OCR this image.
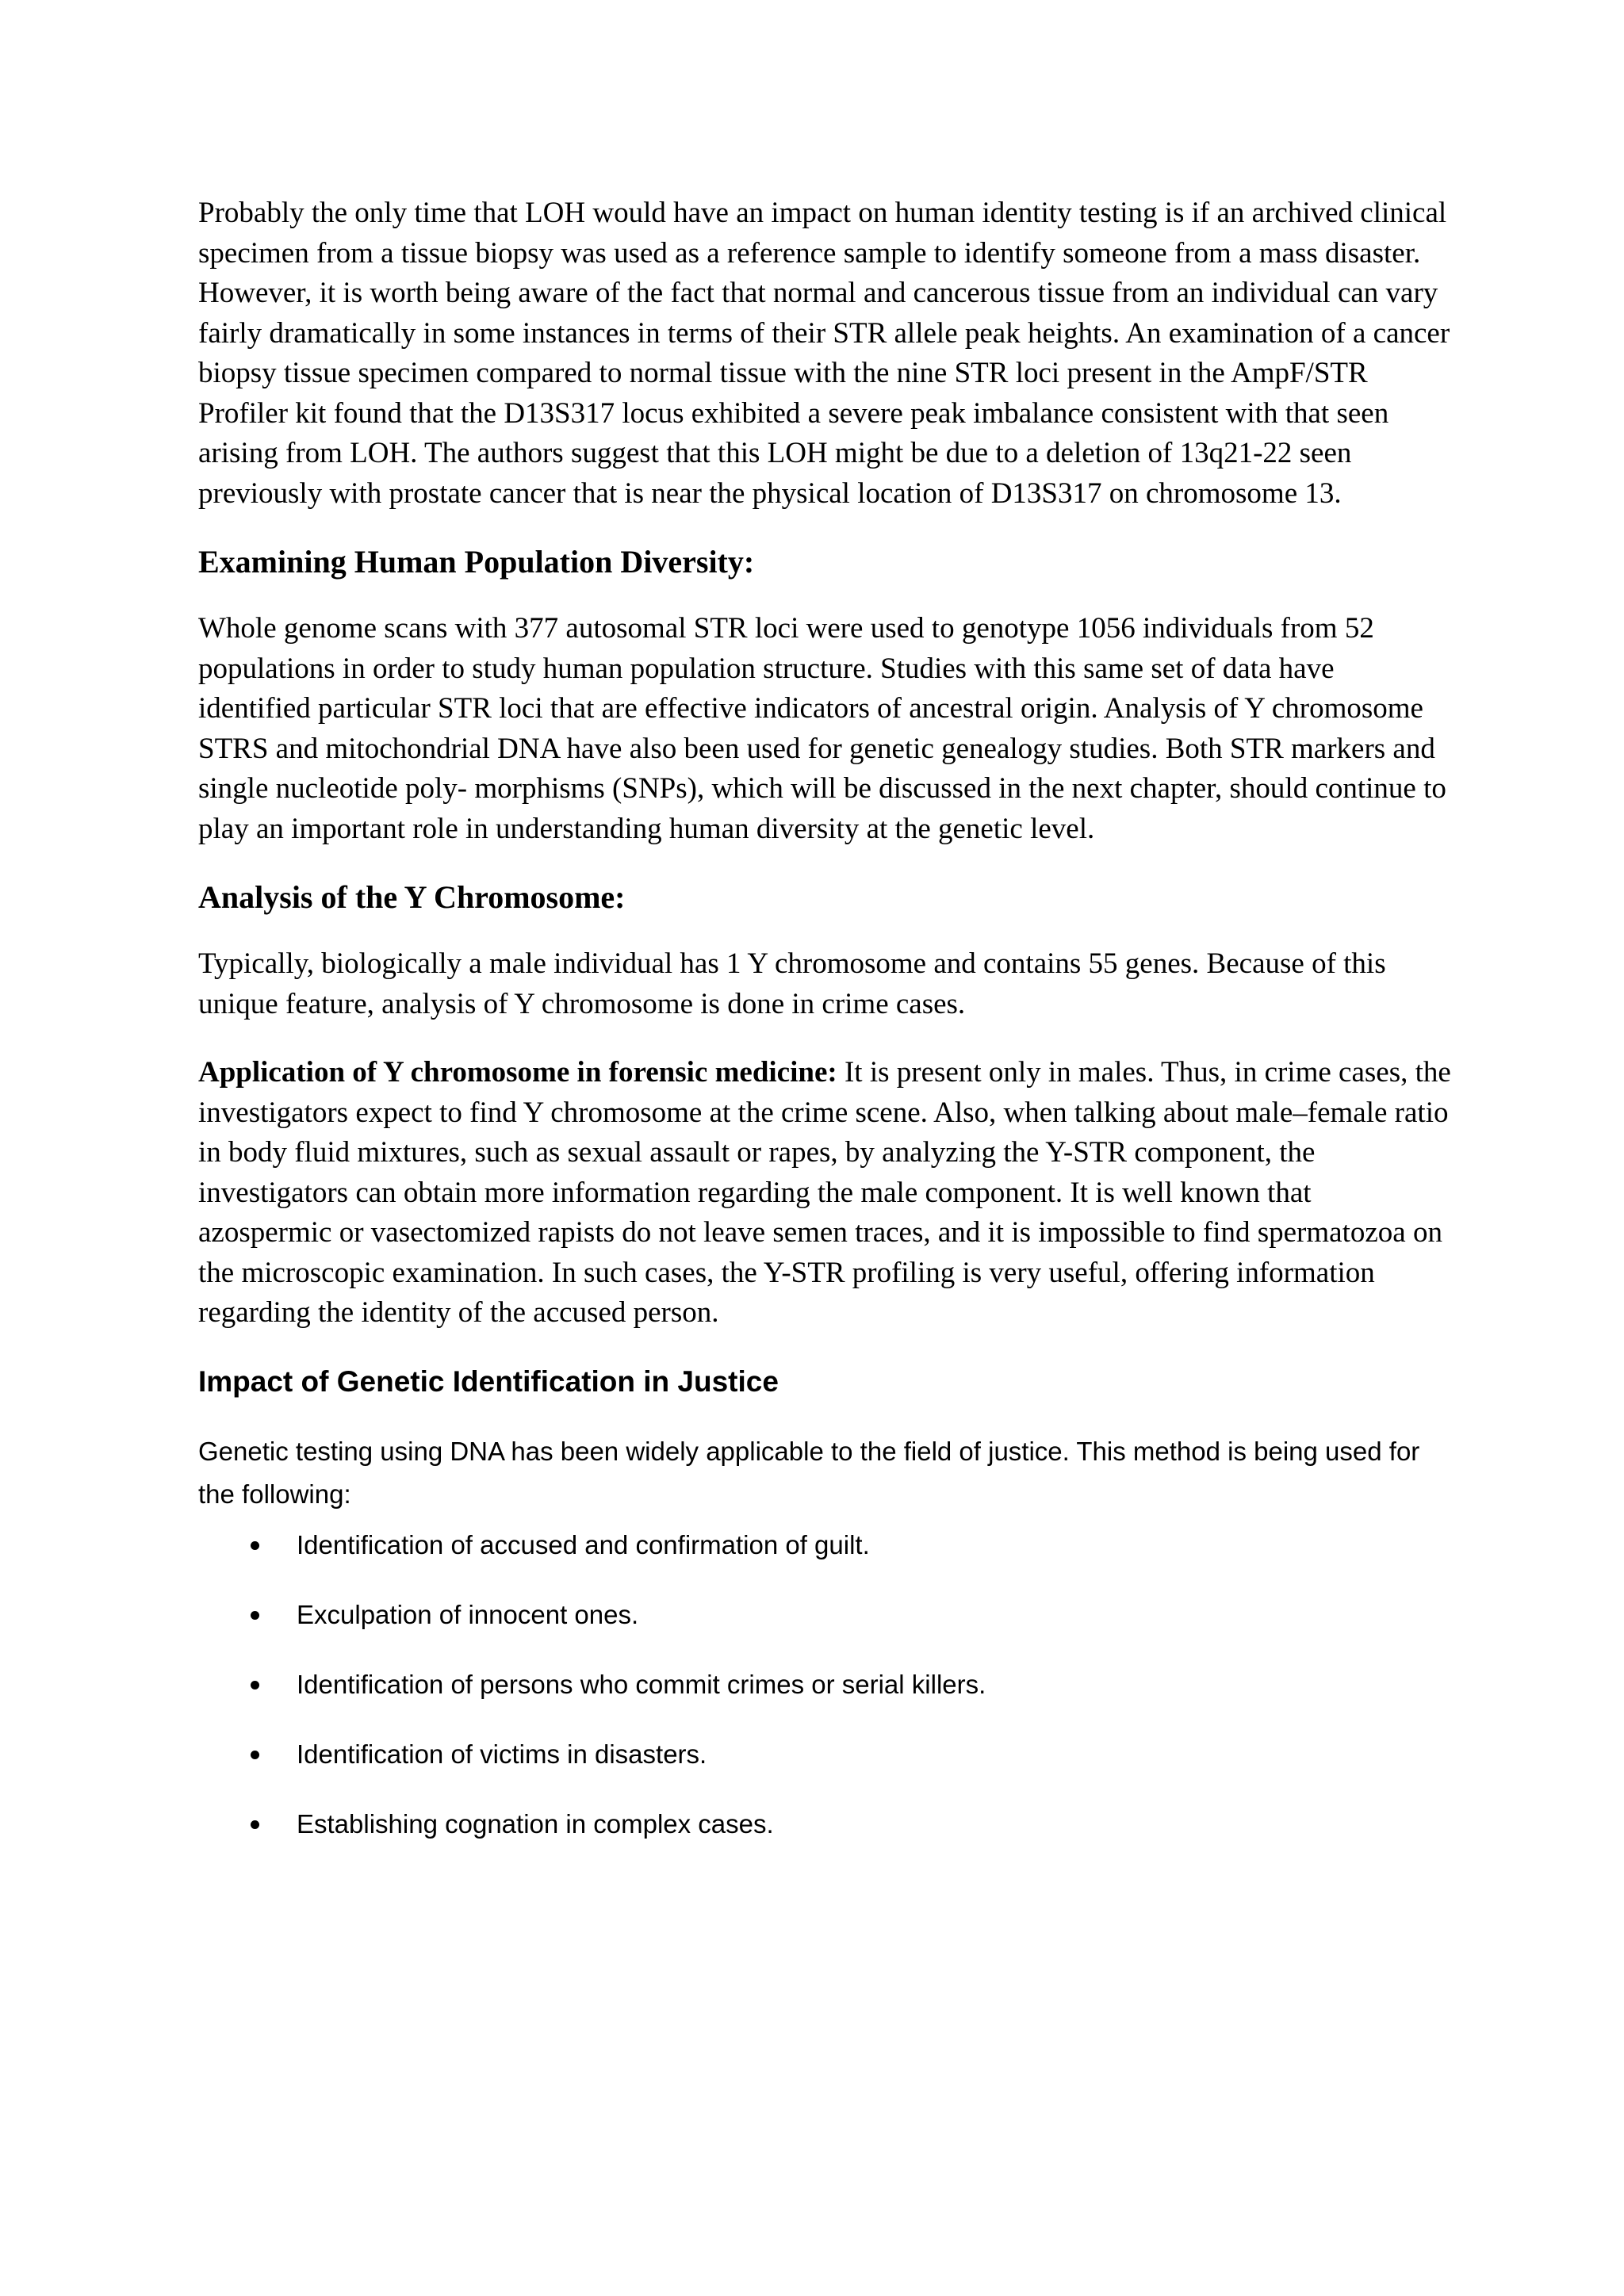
Probably the only time that LOH would have an impact on human identity testing is if an archived clinical specimen from a tissue biopsy was used as a reference sample to identify someone from a mass disaster. However, it is worth being aware of the fact that normal and cancerous tissue from an individual can vary fairly dramatically in some instances in terms of their STR allele peak heights. An examination of a cancer biopsy tissue specimen compared to normal tissue with the nine STR loci present in the AmpF/STR Profiler kit found that the D13S317 locus exhibited a severe peak imbalance consistent with that seen arising from LOH. The authors suggest that this LOH might be due to a deletion of 13q21-22 seen previously with prostate cancer that is near the physical location of D13S317 on chromosome 13.

Examining Human Population Diversity:

Whole genome scans with 377 autosomal STR loci were used to genotype 1056 individuals from 52 populations in order to study human population structure. Studies with this same set of data have identified particular STR loci that are effective indicators of ancestral origin. Analysis of Y chromosome STRS and mitochondrial DNA have also been used for genetic genealogy studies. Both STR markers and single nucleotide poly- morphisms (SNPs), which will be discussed in the next chapter, should continue to play an important role in understanding human diversity at the genetic level.

Analysis of the Y Chromosome:

Typically, biologically a male individual has 1 Y chromosome and contains 55 genes. Because of this unique feature, analysis of Y chromosome is done in crime cases.

Application of Y chromosome in forensic medicine: It is present only in males. Thus, in crime cases, the investigators expect to find Y chromosome at the crime scene. Also, when talking about male–female ratio in body fluid mixtures, such as sexual assault or rapes, by analyzing the Y-STR component, the investigators can obtain more information regarding the male component. It is well known that azospermic or vasectomized rapists do not leave semen traces, and it is impossible to find spermatozoa on the microscopic examination. In such cases, the Y-STR profiling is very useful, offering information regarding the identity of the accused person.

Impact of Genetic Identification in Justice

Genetic testing using DNA has been widely applicable to the field of justice. This method is being used for the following:

Identification of accused and confirmation of guilt.
Exculpation of innocent ones.
Identification of persons who commit crimes or serial killers.
Identification of victims in disasters.
Establishing cognation in complex cases.
